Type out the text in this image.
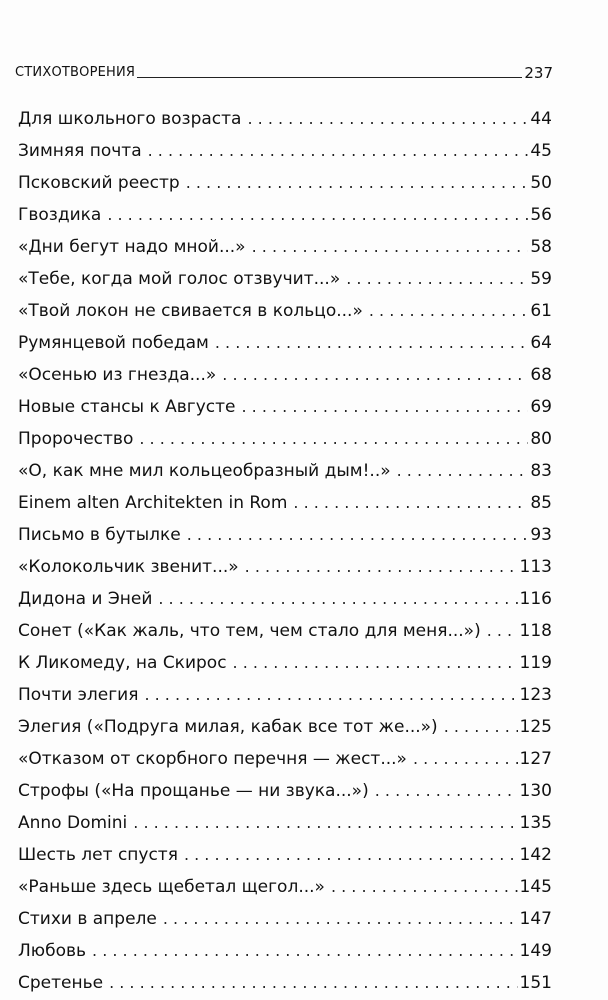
СТИХОТВОРЕНИЯ	237
Для школьного возраста . . .	44
Зимняя почта . . .	45
Псковский реестр . . .	50
Гвоздика . . .	56
«Дни бегут надо мной...» . . .	58
«Тебе, когда мой голос отзвучит...» . . .	59
«Твой локон не свивается в кольцо...» . . .	61
Румянцевой победам . . .	64
«Осенью из гнезда...» . . .	68
Новые стансы к Августе . . .	69
Пророчество . . .	80
«О, как мне мил кольцеобразный дым!..» . . .	83
Einem alten Architekten in Rom . . .	85
Письмо в бутылке . . .	93
«Колокольчик звенит...» . . .	113
Дидона и Эней . . .	116
Сонет («Как жаль, что тем, чем стало для меня...») . . . 118
К Ликомеду, на Скирос . . .	119
Почти элегия . . .	123
Элегия («Подруга милая, кабак все тот же...») . . .	125
«Отказом от скорбного перечня — жест...» . . .	127
Строфы («На прощанье — ни звука...») . . .	130
Anno Domini . . .	135
Шесть лет спустя . . .	142
«Раньше здесь щебетал щегол...» . . .	145
Стихи в апреле . . .	147
Любовь . . .	149
Сретенье . . .	151
